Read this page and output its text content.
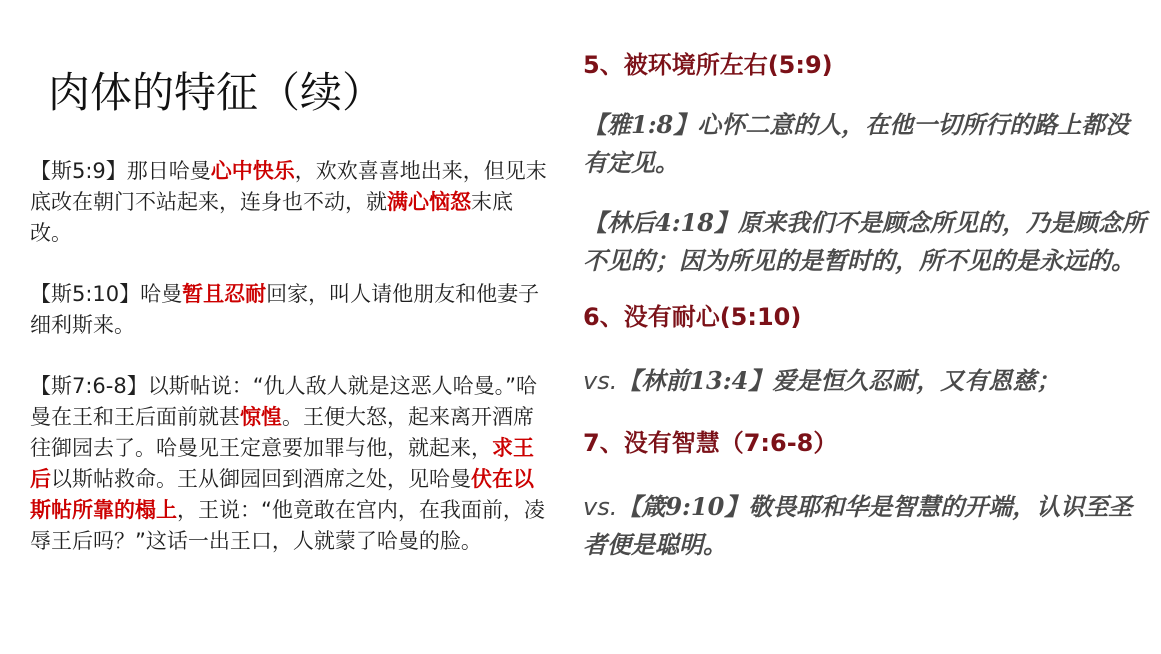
肉体的特征（续）

【斯5:9】那日哈曼心中快乐，欢欢喜喜地出来，但见末底改在朝门不站起来，连身也不动，就满心恼怒末底改。

【斯5:10】哈曼暂且忍耐回家，叫人请他朋友和他妻子细利斯来。

【斯7:6-8】以斯帖说：“仇人敌人就是这恶人哈曼。”哈曼在王和王后面前就甚惊惶。王便大怒，起来离开酒席往御园去了。哈曼见王定意要加罪与他，就起来，求王后以斯帖救命。王从御园回到酒席之处，见哈曼伏在以斯帖所靠的榻上，王说：“他竟敢在宫内，在我面前，凌辱王后吗？”这话一出王口，人就蒙了哈曼的脸。

5、被环境所左右(5:9)

【雅1:8】心怀二意的人，在他一切所行的路上都没有定见。

【林后4:18】原来我们不是顾念所见的，乃是顾念所不见的；因为所见的是暂时的，所不见的是永远的。

6、没有耐心(5:10)

vs.【林前13:4】爱是恒久忍耐，又有恩慈；

7、没有智慧（7:6-8）

vs.【箴9:10】敬畏耶和华是智慧的开端，认识至圣者便是聪明。
